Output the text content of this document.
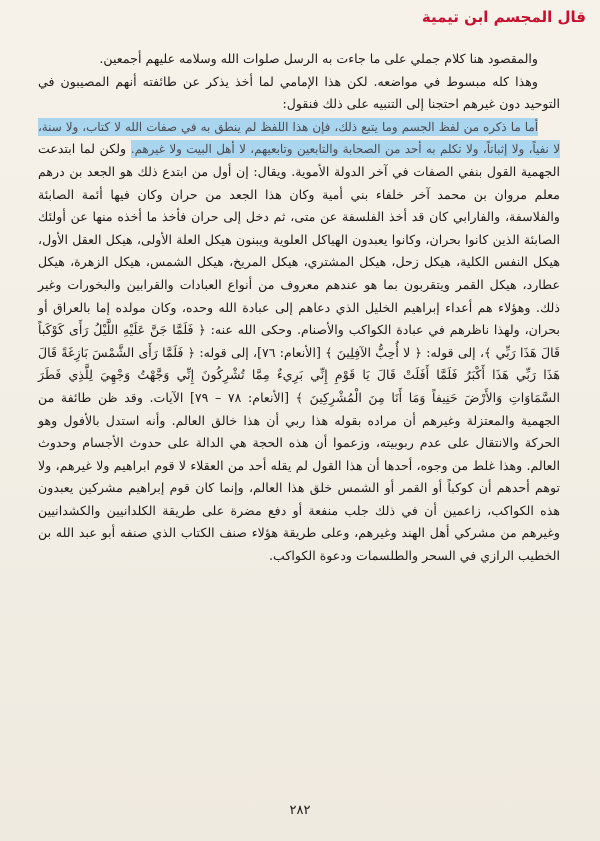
قال المجسم ابن تيمية

والمقصود هنا كلام جملي على ما جاءت به الرسل صلوات الله وسلامه عليهم أجمعين.

وهذا كله مبسوط في مواضعه. لكن هذا الإمامي لما أخذ يذكر عن طائفته أنهم المصيبون في التوحيد دون غيرهم احتجنا إلى التنبيه على ذلك فنقول:

أما ما ذكره من لفظ الجسم وما يتبع ذلك، فإن هذا اللفظ لم ينطق به في صفات الله لا كتاب، ولا سنة، لا نفياً، ولا إثباتاً، ولا تكلم به أحد من الصحابة والتابعين وتابعيهم، لا أهل البيت ولا غيرهم. ولكن لما ابتدعت الجهمية القول بنفي الصفات في آخر الدولة الأموية. ويقال: إن أول من ابتدع ذلك هو الجعد بن درهم معلم مروان بن محمد آخر خلفاء بني أمية وكان هذا الجعد من حران وكان فيها أئمة الصابئة والفلاسفة، والفارابي كان قد أخذ الفلسفة عن متى، ثم دخل إلى حران فأخذ ما أخذه منها عن أولئك الصابئة الذين كانوا بحران، وكانوا يعبدون الهياكل العلوية ويبنون هيكل العلة الأولى، هيكل العقل الأول، هيكل النفس الكلية، هيكل زحل، هيكل المشتري، هيكل المريخ، هيكل الشمس، هيكل الزهرة، هيكل عطارد، هيكل القمر ويتقربون بما هو عندهم معروف من أنواع العبادات والقرابين والبخورات وغير ذلك. وهؤلاء هم أعداء إبراهيم الخليل الذي دعاهم إلى عبادة الله وحده، وكان مولده إما بالعراق أو بحران، ولهذا ناظرهم في عبادة الكواكب والأصنام. وحكى الله عنه: ﴿ فَلَمَّا جَنَّ عَلَيْهِ اللَّيْلُ رَأَى كَوْكَباً قَالَ هَذَا رَبِّي ﴾، إلى قوله: ﴿ لا أُحِبُّ الآفِلِينَ ﴾ [الأنعام: ٧٦]، إلى قوله: ﴿ فَلَمَّا رَأَى الشَّمْسَ بَازِغَةً قَالَ هَذَا رَبِّي هَذَا أَكْبَرُ فَلَمَّا أَفَلَتْ قَالَ يَا قَوْمِ إِنِّي بَرِيءٌ مِمَّا تُشْرِكُونَ إِنِّي وَجَّهْتُ وَجْهِيَ لِلَّذِي فَطَرَ السَّمَاوَاتِ وَالأَرْضَ حَنِيفاً وَمَا أَنَا مِنَ الْمُشْرِكِينَ ﴾ [الأنعام: ٧٨ – ٧٩] الآيات. وقد ظن طائفة من الجهمية والمعتزلة وغيرهم أن مراده بقوله هذا ربي أن هذا خالق العالم. وأنه استدل بالأفول وهو الحركة والانتقال على عدم ربوبيته، وزعموا أن هذه الحجة هي الدالة على حدوث الأجسام وحدوث العالم. وهذا غلط من وجوه، أحدها أن هذا القول لم يقله أحد من العقلاء لا قوم ابراهيم ولا غيرهم، ولا توهم أحدهم أن كوكباً أو القمر أو الشمس خلق هذا العالم، وإنما كان قوم إبراهيم مشركين يعبدون هذه الكواكب، زاعمين أن في ذلك جلب منفعة أو دفع مضرة على طريقة الكلدانيين والكشدانيين وغيرهم من مشركي أهل الهند وغيرهم، وعلى طريقة هؤلاء صنف الكتاب الذي صنفه أبو عبد الله بن الخطيب الرازي في السحر والطلسمات ودعوة الكواكب.

٢٨٢
